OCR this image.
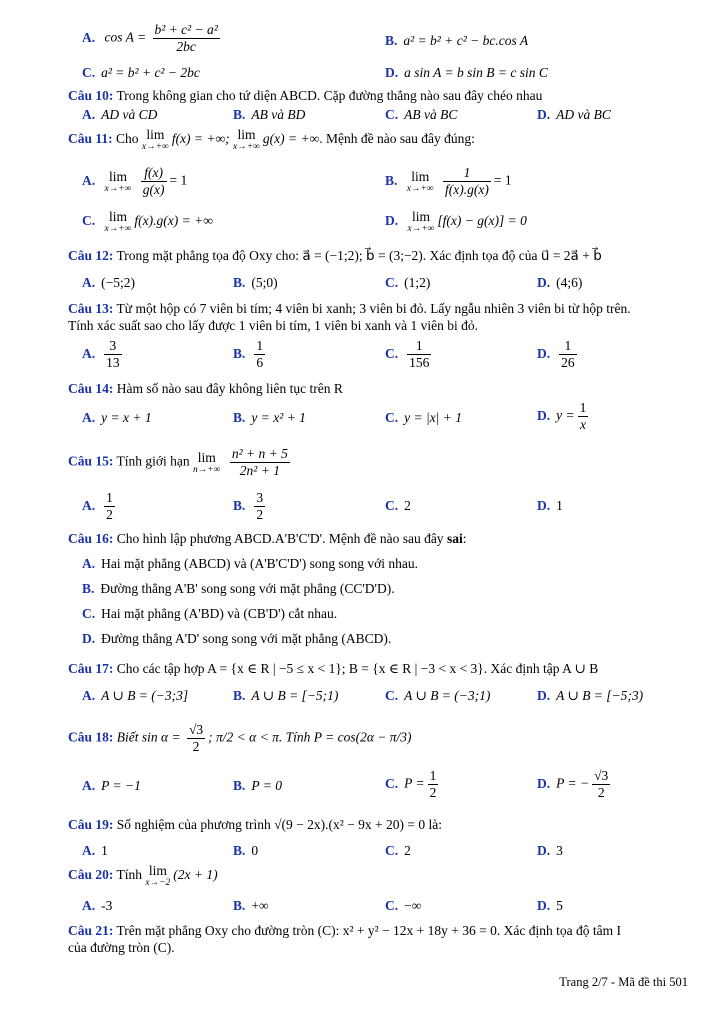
A. $\cos A = \frac{\text{b² + c² − a²}}{2bc}$	B. a² = b² + c² − bc.cos A
C. a² = b² + c² − 2bc	D. a sin A = b sin B = c sin C
Câu 10: Trong không gian cho tứ diện ABCD. Cặp đường thẳng nào sau đây chéo nhau
A. AD và CD	B. AB và BD	C. AB và BC	D. AD và BC
Câu 11: Cho lim
x→+∞
f(x) = +∞; lim
x→+∞
g(x) = +∞. Mệnh đề nào sau đây đúng:
A.	lim
x→+∞
$\frac{f(x)}{g(x)} = 1$	B.	lim
x→+∞
$\frac{1}{f(x).g(x)} = 1$
C.	lim
x→+∞
f(x).g(x) = +∞	D.	lim
x→+∞
[f(x) − g(x)] = 0
Câu 12: Trong mặt phẳng tọa độ Oxy cho: a⃗ = (−1;2); b⃗ = (3;−2). Xác định tọa độ của u⃗ = 2a⃗ + b⃗
A. (−5;2)	B. (5;0)	C. (1;2)	D. (4;6)
Câu 13: Từ một hộp có 7 viên bi tím; 4 viên bi xanh; 3 viên bi đỏ. Lấy ngẫu nhiên 3 viên bi từ hộp trên.
Tính xác suất sao cho lấy được 1 viên bi tím, 1 viên bi xanh và 1 viên bi đỏ.
A. $\frac{3}{13}$	B. $\frac{1}{6}$	C. $\frac{1}{156}$	D. $\frac{1}{26}$
Câu 14: Hàm số nào sau đây không liên tục trên R
A. y = x + 1	B. y = x² + 1	C. y = |x| + 1	D. $y = \frac{1}{x}$
Câu 15: Tính giới hạn lim
n→+∞
$\frac{\text{n² + n + 5}}{\text{2n² + 1}}$
A. $\frac{1}{2}$	B. $\frac{3}{2}$	C. 2	D. 1
Câu 16: Cho hình lập phương ABCD.A'B'C'D'. Mệnh đề nào sau đây sai:
A. Hai mặt phẳng (ABCD) và (A'B'C'D') song song với nhau.
B. Đường thẳng A'B' song song với mặt phẳng (CC'D'D).
C. Hai mặt phẳng (A'BD) và (CB'D') cắt nhau.
D. Đường thẳng A'D' song song với mặt phẳng (ABCD).
Câu 17: Cho các tập hợp A = {x ∈ R | −5 ≤ x < 1}; B = {x ∈ R | −3 < x < 3}. Xác định tập A ∪ B
A. A ∪ B = (−3;3]	B. A ∪ B = [−5;1)	C. A ∪ B = (−3;1)	D. A ∪ B = [−5;3)
Câu 18: Biết $\sin \alpha = \frac{√3}{2}$ ; π/2 < α < π. Tính P = cos(2α − π/3)
A. P = −1	B. P = 0	C. $P = \frac{1}{2}$	D. P = − $\frac{√3}{2}$
Câu 19: Số nghiệm của phương trình √(9 − 2x).(x² − 9x + 20) = 0 là:
A. 1	B. 0	C. 2	D. 3
Câu 20: Tính lim
x→−2
(2x + 1)
A. -3	B. +∞	C. −∞	D. 5
Câu 21: Trên mặt phẳng Oxy cho đường tròn (C): x² + y² − 12x + 18y + 36 = 0. Xác định tọa độ tâm I
của đường tròn (C).
Trang 2/7 - Mã đề thi 501
